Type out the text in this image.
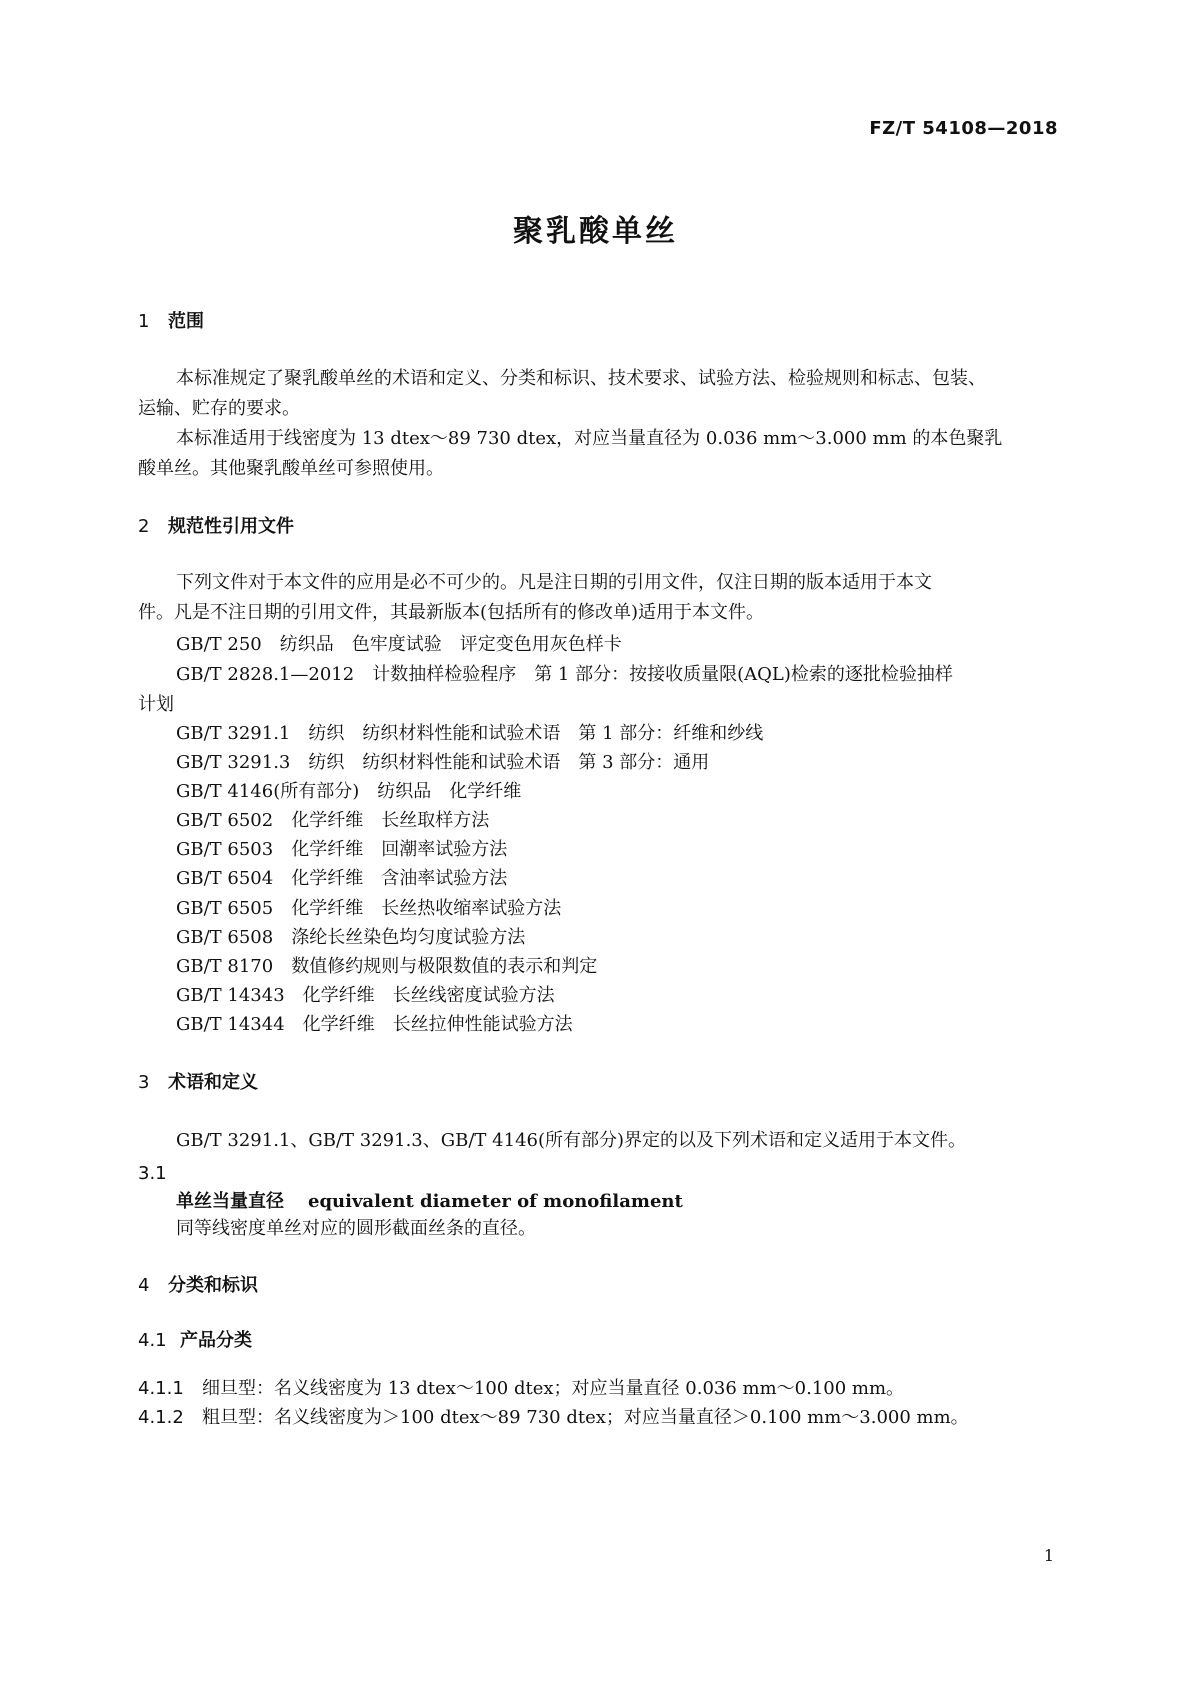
FZ/T 54108—2018
聚乳酸单丝
1 范围
本标准规定了聚乳酸单丝的术语和定义、分类和标识、技术要求、试验方法、检验规则和标志、包装、
运输、贮存的要求。
本标准适用于线密度为 13 dtex～89 730 dtex，对应当量直径为 0.036 mm～3.000 mm 的本色聚乳
酸单丝。其他聚乳酸单丝可参照使用。
2 规范性引用文件
下列文件对于本文件的应用是必不可少的。凡是注日期的引用文件，仅注日期的版本适用于本文
件。凡是不注日期的引用文件，其最新版本(包括所有的修改单)适用于本文件。
GB/T 250　纺织品　色牢度试验　评定变色用灰色样卡
GB/T 2828.1—2012　计数抽样检验程序　第 1 部分：按接收质量限(AQL)检索的逐批检验抽样
计划
GB/T 3291.1　纺织　纺织材料性能和试验术语　第 1 部分：纤维和纱线
GB/T 3291.3　纺织　纺织材料性能和试验术语　第 3 部分：通用
GB/T 4146(所有部分)　纺织品　化学纤维
GB/T 6502　化学纤维　长丝取样方法
GB/T 6503　化学纤维　回潮率试验方法
GB/T 6504　化学纤维　含油率试验方法
GB/T 6505　化学纤维　长丝热收缩率试验方法
GB/T 6508　涤纶长丝染色均匀度试验方法
GB/T 8170　数值修约规则与极限数值的表示和判定
GB/T 14343　化学纤维　长丝线密度试验方法
GB/T 14344　化学纤维　长丝拉伸性能试验方法
3 术语和定义
GB/T 3291.1、GB/T 3291.3、GB/T 4146(所有部分)界定的以及下列术语和定义适用于本文件。
3.1
单丝当量直径 equivalent diameter of monofilament
同等线密度单丝对应的圆形截面丝条的直径。
4 分类和标识
4.1 产品分类
4.1.1 细旦型：名义线密度为 13 dtex～100 dtex；对应当量直径 0.036 mm～0.100 mm。
4.1.2 粗旦型：名义线密度为＞100 dtex～89 730 dtex；对应当量直径＞0.100 mm～3.000 mm。
1
